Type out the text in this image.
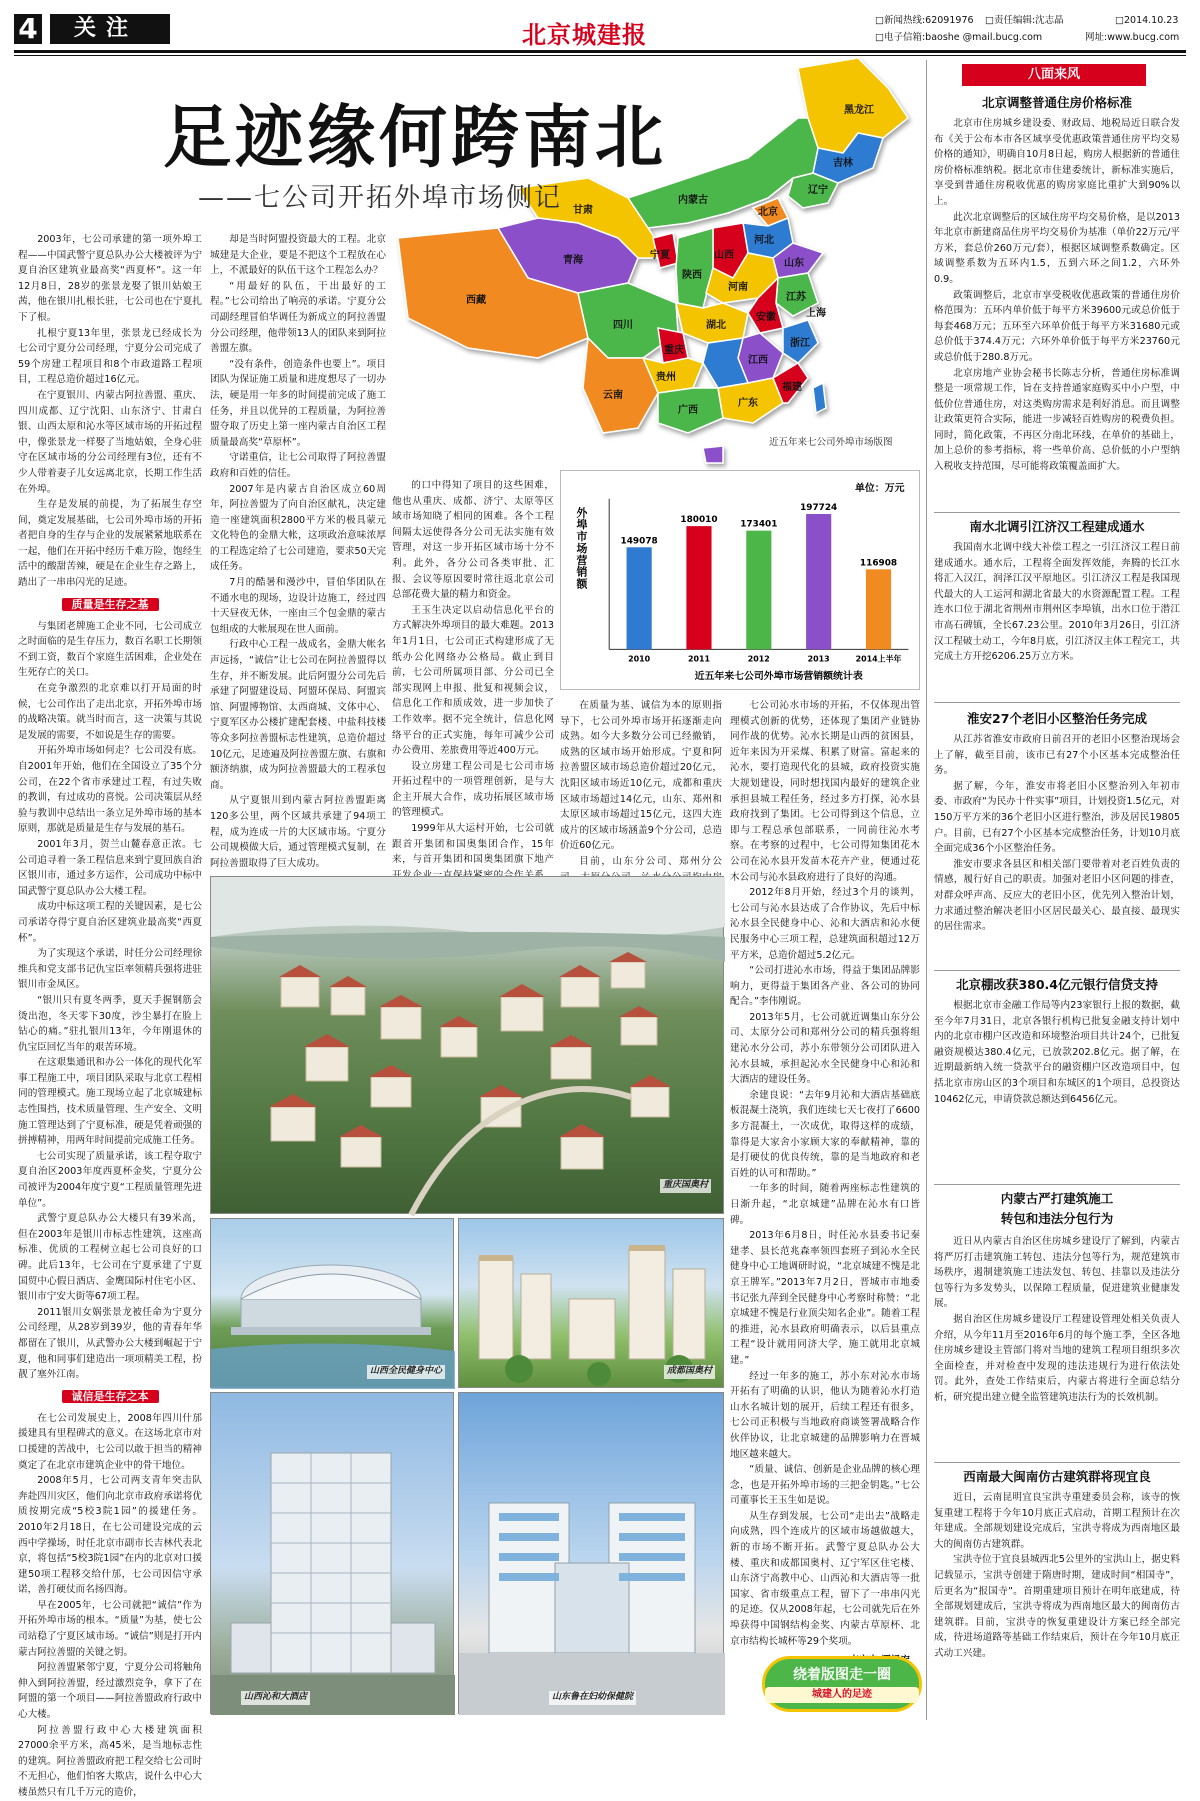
4	关注	北京城建报	□新闻热线:62091976 □责任编辑:沈志晶	□2014.10.23
□电子信箱:baoshe @mail.bucg.com	网址:www.bucg.com
黑龙江
吉林
辽宁
内蒙古
北京
河北
山西
山东
甘肃
宁夏
陕西
河南
青海
西藏	江苏
安徽	上海
四川	湖北
重庆
浙江
江西
贵州
云南
广西
广东
福建
近五年来七公司外埠市场版图
足迹缘何跨南北
——七公司开拓外埠市场侧记

2003年，七公司承建的第一项外埠工程——中国武警宁夏总队办公大楼被评为宁夏自治区建筑业最高奖“西夏杯”。这一年12月8日，28岁的张景龙娶了银川姑娘王茜，他在银川扎根长驻，七公司也在宁夏扎下了根。

扎根宁夏13年里，张景龙已经成长为七公司宁夏分公司经理，宁夏分公司完成了59个房建工程项目和8个市政道路工程项目，工程总造价超过16亿元。

在宁夏银川、内蒙古阿拉善盟、重庆、四川成都、辽宁沈阳、山东济宁、甘肃白银、山西太原和沁水等区域市场的开拓过程中，像张景龙一样娶了当地姑娘，全身心驻守在区域市场的分公司经理有3位，还有不少人带着妻子儿女远离北京，长期工作生活在外埠。

生存是发展的前提，为了拓展生存空间，奠定发展基础，七公司外埠市场的开拓者把自身的生存与企业的发展紧紧地联系在一起，他们在开拓中经历千难万险，饱经生活中的酸甜苦辣，硬是在企业生存之路上，踏出了一串串闪光的足迹。

质量是生存之基

与集团老牌施工企业不同，七公司成立之时面临的是生存压力，数百名职工长期领不到工资，数百个家庭生活困难，企业处在生死存亡的关口。

在竞争激烈的北京难以打开局面的时候，七公司作出了走出北京，开拓外埠市场的战略决策。就当时而言，这一决策与其说是发展的需要，不如说是生存的需要。

开拓外埠市场如何走？七公司没有底。自2001年开始，他们在全国设立了35个分公司，在22个省市承建过工程，有过失败的教训，有过成功的喜悦。公司决策层从经验与教训中总结出一条立足外埠市场的基本原则，那就是质量是生存与发展的基石。

2001年3月，贺兰山麓春意正浓。七公司追寻着一条工程信息来到宁夏回族自治区银川市，通过多方运作，公司成功中标中国武警宁夏总队办公大楼工程。

成功中标这项工程的关键因素，是七公司承诺夺得宁夏自治区建筑业最高奖“西夏杯”。

为了实现这个承诺，时任分公司经理徐维兵和党支部书记仇宝臣率领精兵强将进驻银川市金凤区。

“银川只有夏冬两季，夏天手握钢筋会烫出泡，冬天零下30度，沙尘暴打在脸上钻心的痛。”驻扎银川13年，今年刚退休的仇宝臣回忆当年的艰苦环境。

在这艰集通讯和办公一体化的现代化军事工程施工中，项目团队采取与北京工程相同的管理模式。施工现场立起了北京城建标志性围挡，技术质量管理、生产安全、文明施工管理达到了宁夏标准，硬是凭着顽强的拼搏精神，用两年时间提前完成施工任务。

七公司实现了质量承诺，该工程夺取宁夏自治区2003年度西夏杯金奖，宁夏分公司被评为2004年度宁夏“工程质量管理先进单位”。

武警宁夏总队办公大楼只有39米高，但在2003年是银川市标志性建筑，这座高标准、优质的工程树立起七公司良好的口碑。此后13年，七公司在宁夏承建了宁夏国贸中心假日酒店、金鹰国际村住宅小区、银川市宁安大街等67项工程。

2011银川女娲张景龙被任命为宁夏分公司经理，从28岁到39岁，他的青春年华都留在了银川，从武警办公大楼到崛起于宁夏，他和同事们建造出一项项精美工程，扮靓了塞外江南。

诚信是生存之本

在七公司发展史上，2008年四川什邡援建具有里程碑式的意义。在这场北京市对口援建的苦战中，七公司以敢于担当的精神奠定了在北京市建筑企业中的骨干地位。

2008年5月，七公司两支青年突击队奔赴四川灾区，他们向北京市政府承诺将优质按期完成“5校3院1园”的援建任务。2010年2月18日，在七公司建设完成的云西中学操场，时任北京市副市长吉林代表北京，将包括“5校3院1园”在内的北京对口援建50项工程移交给什邡，七公司因信守承诺，善打硬仗而名扬四海。

早在2005年，七公司就把“诚信”作为开拓外埠市场的根本。“质量”为基，使七公司站稳了宁夏区域市场。“诚信”则是打开内蒙古阿拉善盟的关键之钥。

阿拉善盟紧邻宁夏，宁夏分公司将触角伸入到阿拉善盟，经过激烈竞争，拿下了在阿盟的第一个项目——阿拉善盟政府行政中心大楼。

阿拉善盟行政中心大楼建筑面积27000余平方米，高45米，是当地标志性的建筑。阿拉善盟政府把工程交给七公司时不无担心，他们怕客大欺店，说什么中心大楼虽然只有几千万元的造价，

却是当时阿盟投资最大的工程。北京城建是大企业，要是不把这个工程放在心上，不派最好的队伍干这个工程怎么办？

“用最好的队伍，干出最好的工程。”七公司给出了响亮的承诺。宁夏分公司副经理冒伯华调任为新成立的阿拉善盟分公司经理，他带领13人的团队来到阿拉善盟左旗。

“没有条件，创造条件也要上”。项目团队为保证施工质量和进度想尽了一切办法，硬是用一年多的时间提前完成了施工任务，并且以优异的工程质量，为阿拉善盟夺取了历史上第一座内蒙古自治区工程质量最高奖“草原杯”。

守诺重信，让七公司取得了阿拉善盟政府和百姓的信任。

2007年是内蒙古自治区成立60周年，阿拉善盟为了向自治区献礼，决定建造一座建筑面积2800平方米的极具蒙元文化特色的金鼎大帐，这项政治意味浓厚的工程选定给了七公司建造，要求50天完成任务。

7月的酷暑和漫沙中，冒伯华团队在不通水电的现场，边设计边施工，经过四十天昼夜无休，一座由三个包金鼎的蒙古包组成的大帐展现在世人面前。

行政中心工程一战成名，金鼎大帐名声远扬，“诚信”让七公司在阿拉善盟得以生存，并不断发展。此后阿盟分公司先后承建了阿盟建设局、阿盟环保局、阿盟宾馆、阿盟博物馆、太西商城、文体中心、宁夏军区办公楼扩建配套楼、中盐科技楼等众多阿拉善盟标志性建筑，总造价超过10亿元，足迹遍及阿拉善盟左旗、右旗和额济纳旗，成为阿拉善盟最大的工程承包商。

从宁夏银川到内蒙古阿拉善盟距离120多公里，两个区域共承建了94项工程，成为连成一片的大区域市场。宁夏分公司规模做大后，通过管理模式复制，在阿拉善盟取得了巨大成功。

的口中得知了项目的这些困难，他也从重庆、成都、济宁、太原等区域市场知晓了相同的困难。各个工程间隔太远使得各分公司无法实施有效管理，对这一步开拓区域市场十分不利。此外，各分公司各类审批、汇报、会议等原因要时常往返北京公司总部花费大量的精力和资金。

王玉生决定以启动信息化平台的方式解决外埠项目的最大难题。2013年1月1日，七公司正式构建形成了无纸办公化网络办公格局。截止到目前，七公司所属项目部、分公司已全部实现网上申报、批复和视频会议，信息化工作和质成效，进一步加快了工作效率。据不完全统计，信息化网络平台的正式实施，每年可减少公司办公费用、差旅费用等近400万元。

设立房建工程公司是七公司市场开拓过程中的一项管理创新，是与大企主开展大合作，成功拓展区域市场的管理模式。

1999年从大运村开始，七公司就跟首开集团和国奥集团合作，15年来，与首开集团和国奥集团旗下地产

单位：万元
外埠市场营销额	149078
2010
180010
2011
173401
2012
197724
2013
116908
2014上半年
近五年来七公司外埠市场营销额统计表

在质量为基、诚信为本的原则指导下，七公司外埠市场开拓逐渐走向成熟。如今大多数分公司已经撤销，成熟的区域市场开始形成。宁夏和阿拉善盟区域市场总造价超过20亿元，沈阳区域市场近10亿元，成都和重庆区域市场超过14亿元，山东、郑州和太原区域市场超过15亿元，这四大连成片的区域市场涵盖9个分公司，总造价近60亿元。

目前，山东分公司、郑州分公

七公司沁水市场的开拓，不仅体现出管理模式创新的优势，还体现了集团产业链协同作战的优势。沁水长期是山西的贫困县，近年来因为开采煤、积累了财富。富起来的沁水，要打造现代化的县城，政府投资实施大规划建设，同时想找国内最好的建筑企业承担县城工程任务，经过多方打探，沁水县政府找到了集团。七公司得到这个信息，立即与工程总承包部联系，一同前往沁水考察。在考察的过程中，七公司得知集团花木公司在沁水县开发苗木花卉产业，便通过花木公司与沁水县政府进行了良好的沟通。

2012年8月开始，经过3个月的谈判，七公司与沁水县达成了合作协议，先后中标沁水县全民健身中心、沁和大酒店和沁水便民服务中心三项工程，总建筑面积超过12万平方米，总造价超过5.2亿元。

“公司打进沁水市场，得益于集团品牌影响力，更得益于集团各产业、各公司的协同配合。”李伟刚说。

2013年5月，七公司就近调集山东分公司、太原分公司和郑州分公司的精兵强将组建沁水分公司，苏小东带领分公司团队进入沁水县城，承担起沁水全民健身中心和沁和大酒店的建设任务。

余建良说：“去年9月沁和大酒店基础底板混凝土浇筑，我们连续七天七夜打了6600多方混凝土，一次成优，取得这样的成绩，靠得是大家舍小家顾大家的奉献精神，靠的是打硬仗的优良传统，靠的是当地政府和老百姓的认可和帮助。”

一年多的时间，随着两座标志性建筑的日渐升起，“北京城建”品牌在沁水有口皆碑。

2013年6月8日，时任沁水县委书记秦建孝、县长范兆森率领四套班子到沁水全民健身中心工地调研时说，“北京城建不愧是北京王牌军。”2013年7月2日，晋城市市地委书记张九萍到全民健身中心考察时称赞：“北京城建不愧是行业顶尖知名企业”。随着工程的推进，沁水县政府明确表示，以后县重点工程“设计就用同济大学，施工就用北京城建。”

经过一年多的施工，苏小东对沁水市场开拓有了明确的认识，他认为随着沁水打造山水名城计划的展开，后续工程还有很多，七公司正积极与当地政府商谈签署战略合作伙伴协议，让北京城建的品牌影响力在晋城地区越来越大。

“质量、诚信、创新是企业品牌的核心理念，也是开拓外埠市场的三把金钥匙。”七公司董事长王玉生如是说。

从生存到发展，七公司“走出去”战略走向成熟，四个连成片的区域市场越做越大，新的市场不断开拓。武警宁夏总队办公大楼、重庆和成都国奥村、辽宁军区住宅楼、山东济宁高教中心、山西沁和大酒店等一批国家、省市级重点工程，留下了一串串闪光的足迹。仅从2008年起，七公司就先后在外埠获得中国钢结构金奖、内蒙古草原杯、北京市结构长城杯等29个奖项。

重庆国奥村
山西全民健身中心	成都国奥村
山西沁和大酒店	山东鲁在妇幼保健院
八面来风
北京调整普通住房价格标准

北京市住房城乡建设委、财政局、地税局近日联合发布《关于公布本市各区域享受优惠政策普通住房平均交易价格的通知》，明确自10月8日起，购房人根据新的普通住房价格标准纳税。据北京市住建委统计，新标准实施后，享受到普通住房税收优惠的购房家庭比重扩大到90%以上。

此次北京调整后的区域住房平均交易价格，是以2013年北京市新建商品住房平均交易价为基准（单价22万元/平方米，套总价260万元/套），根据区域调整系数确定。区域调整系数为五环内1.5，五到六环之间1.2，六环外0.9。

政策调整后，北京市享受税收优惠政策的普通住房价格范围为：五环内单价低于每平方米39600元或总价低于每套468万元；五环至六环单价低于每平方米31680元或总价低于374.4万元；六环外单价低于每平方米23760元或总价低于280.8万元。

北京房地产业协会秘书长陈志分析，普通住房标准调整是一项常规工作，旨在支持普通家庭购买中小户型，中低价位普通住房，对这类购房需求是利好消息。而且调整让政策更符合实际，能进一步减轻百姓购房的税费负担。同时，简化政策，不再区分南北环线，在单价的基础上，加上总价的参考指标，将一些单价高、总价低的小户型纳入税收支持范围，尽可能将政策覆盖面扩大。

南水北调引江济汉工程建成通水

我国南水北调中线大补偿工程之一引江济汉工程日前建成通水。通水后，工程将全面发挥效能，奔腾的长江水将汇入汉江，润泽江汉平原地区。引江济汉工程是我国现代最大的人工运河和湖北省最大的水资源配置工程。工程连水口位于湖北省荆州市荆州区李埠镇，出水口位于潜江市高石碑镇，全长67.23公里。2010年3月26日，引江济汉工程破土动工，今年8月底，引江济汉主体工程完工，共完成土方开挖6206.25万立方米。

淮安27个老旧小区整治任务完成

从江苏省淮安市政府日前召开的老旧小区整治现场会上了解，截至目前，该市已有27个小区基本完成整治任务。

据了解，今年，淮安市将老旧小区整治列入年初市委、市政府“为民办十件实事”项目，计划投资1.5亿元，对150万平方米的36个老旧小区进行整治，涉及居民19805户。目前，已有27个小区基本完成整治任务，计划10月底全面完成36个小区整治任务。

淮安市要求各县区和相关部门要带着对老百姓负责的情感，履行好自己的职责。加强对老旧小区问题的排查，对群众呼声高、反应大的老旧小区，优先列入整治计划，力求通过整治解决老旧小区居民最关心、最直接、最现实的居住需求。

北京棚改获380.4亿元银行信贷支持

根据北京市金融工作局等内23家银行上报的数据，截至今年7月31日，北京各银行机构已批复金融支持计划中内的北京市棚户区改造和环境整治项目共计24个，已批复融资规模达380.4亿元，已放款202.8亿元。据了解，在近期最新纳入统一贷款平台的融资棚户区改造项目中，包括北京市房山区的3个项目和东城区的1个项目，总投资达10462亿元，申请贷款总额达到6456亿元。

内蒙古严打建筑施工
转包和违法分包行为

近日从内蒙古自治区住房城乡建设厅了解到，内蒙古将严厉打击建筑施工转包、违法分包等行为，规范建筑市场秩序，遏制建筑施工违法发包、转包、挂靠以及违法分包等行为多发势头，以保障工程质量，促进建筑业健康发展。

据自治区住房城乡建设厅工程建设管理处相关负责人介绍，从今年11月至2016年6月的每个施工季，全区各地住房城乡建设主管部门将对当地的建筑工程项目组织多次全面检查，并对检查中发现的违法违规行为进行依法处罚。此外，查处工作结束后，内蒙古将进行全面总结分析，研究提出建立健全监管建筑违法行为的长效机制。

西南最大闽南仿古建筑群将现宜良

近日，云南昆明宜良宝洪寺重建委员会称，该寺的恢复重建工程将于今年10月底正式启动，首期工程预计在次年建成。全部规划建设完成后，宝洪寺将成为西南地区最大的闽南仿古建筑群。

宝洪寺位于宜良县城西北5公里外的宝洪山上，据史料记载显示，宝洪寺创建于隋唐时期，建成时间“相国寺”，后更名为“报国寺”。首期重建项目预计在明年底建成，待全部规划建成后，宝洪寺将成为西南地区最大的闽南仿古建筑群。目前，宝洪寺的恢复重建设计方案已经全部完成，待进场道路等基础工作结束后，预计在今年10月底正式动工兴建。

绕着版图走一圈
城建人的足迹
